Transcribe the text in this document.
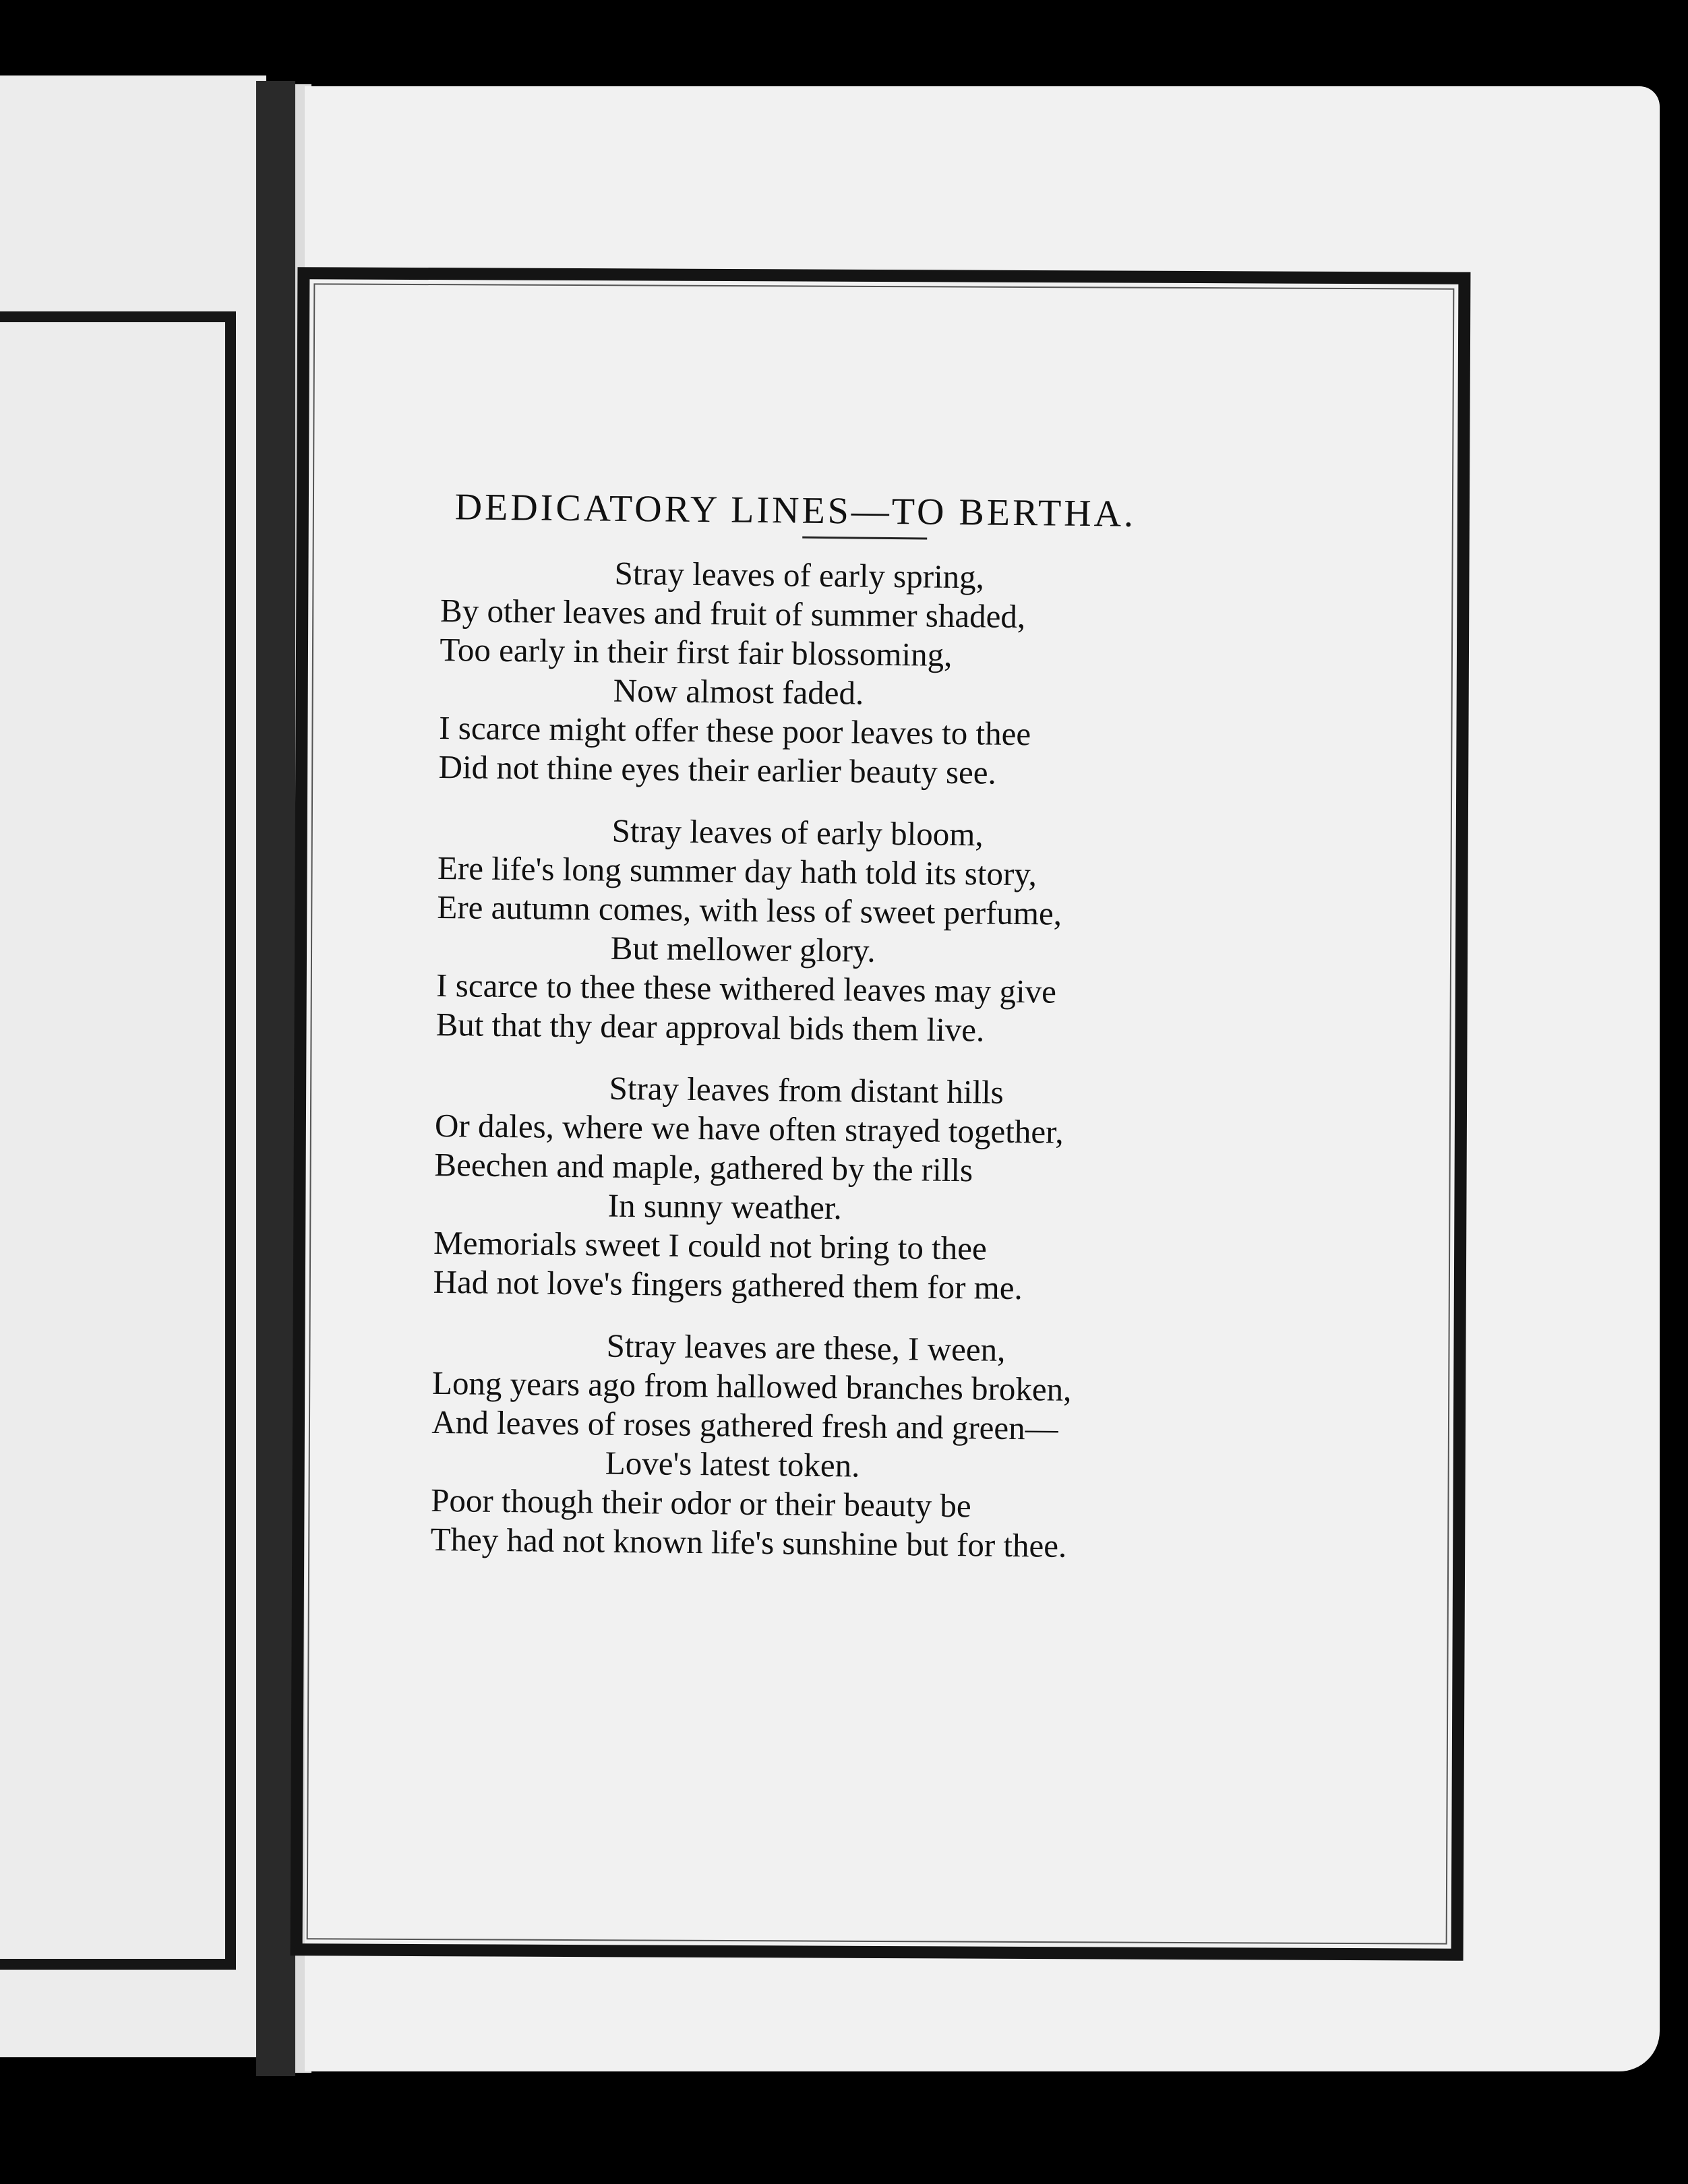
DEDICATORY LINES—TO BERTHA.
Stray leaves of early spring,
By other leaves and fruit of summer shaded,
Too early in their first fair blossoming,
Now almost faded.
I scarce might offer these poor leaves to thee
Did not thine eyes their earlier beauty see.
Stray leaves of early bloom,
Ere life's long summer day hath told its story,
Ere autumn comes, with less of sweet perfume,
But mellower glory.
I scarce to thee these withered leaves may give
But that thy dear approval bids them live.
Stray leaves from distant hills
Or dales, where we have often strayed together,
Beechen and maple, gathered by the rills
In sunny weather.
Memorials sweet I could not bring to thee
Had not love's fingers gathered them for me.
Stray leaves are these, I ween,
Long years ago from hallowed branches broken,
And leaves of roses gathered fresh and green—
Love's latest token.
Poor though their odor or their beauty be
They had not known life's sunshine but for thee.
